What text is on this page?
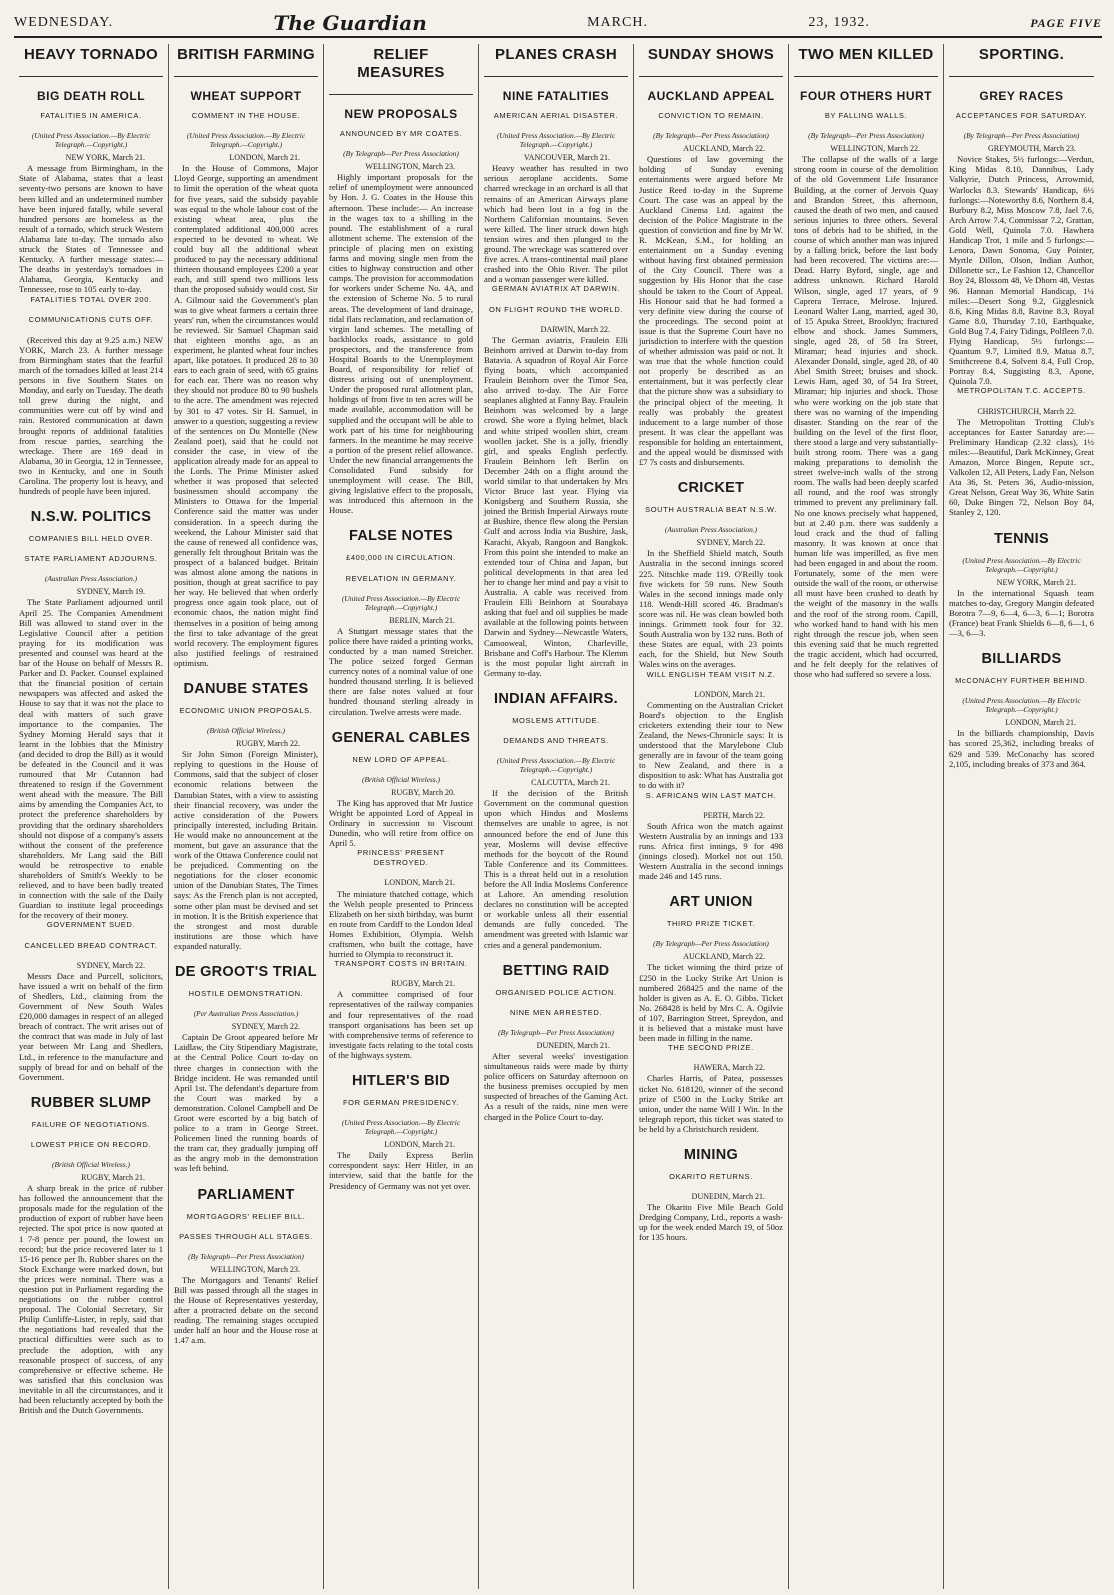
WEDNESDAY.	The Guardian	MARCH.	23, 1932.	PAGE FIVE
HEAVY TORNADO
BIG DEATH ROLL
FATALITIES IN AMERICA.
(United Press Association.—By Electric Telegraph.—Copyright.)
NEW YORK, March 21.

A message from Birmingham, in the State of Alabama, states that a least seventy-two persons are known to have been killed and an undetermined number have been injured fatally, while several hundred persons are homeless as the result of a tornado, which struck Western Alabama late to-day. The tornado also struck the States of Tennessee and Kentucky. A further message states:—The deaths in yesterday's tornadoes in Alabama, Georgia, Kentucky and Tennessee, rose to 105 early to-day.

FATALITIES TOTAL OVER 200.
COMMUNICATIONS CUTS OFF.

(Received this day at 9.25 a.m.) NEW YORK, March 23. A further message from Birmingham states that the fearful march of the tornadoes killed at least 214 persons in five Southern States on Monday, and early on Tuesday. The death toll grew during the night, and communities were cut off by wind and rain. Restored communication at dawn brought reports of additional fatalities from rescue parties, searching the wreckage. There are 169 dead in Alabama, 30 in Georgia, 12 in Tennessee, two in Kentucky, and one in South Carolina. The property lost is heavy, and hundreds of people have been injured.

N.S.W. POLITICS
COMPANIES BILL HELD OVER.
STATE PARLIAMENT ADJOURNS.
(Australian Press Association.)
SYDNEY, March 19.

The State Parliament adjourned until April 25. The Companies Amendment Bill was allowed to stand over in the Legislative Council after a petition praying for its modification was presented and counsel was heard at the bar of the House on behalf of Messrs R. Parker and D. Packer. Counsel explained that the financial position of certain newspapers was affected and asked the House to say that it was not the place to deal with matters of such grave importance to the companies. The Sydney Morning Herald says that it learnt in the lobbies that the Ministry (and decided to drop the Bill) as it would be defeated in the Council and it was rumoured that Mr Cutannon had threatened to resign if the Government went ahead with the measure. The Bill aims by amending the Companies Act, to protect the preference shareholders by providing that the ordinary shareholders should not dispose of a company's assets without the consent of the preference shareholders. Mr Lang said the Bill would be retrospective to enable shareholders of Smith's Weekly to be relieved, and to have been badly treated in connection with the sale of the Daily Guardian to institute legal proceedings for the recovery of their money.

GOVERNMENT SUED.
CANCELLED BREAD CONTRACT.
SYDNEY, March 22.

Messrs Dace and Purcell, solicitors, have issued a writ on behalf of the firm of Shedlers, Ltd., claiming from the Government of New South Wales £20,000 damages in respect of an alleged breach of contract. The writ arises out of the contract that was made in July of last year between Mr Lang and Shedlers, Ltd., in reference to the manufacture and supply of bread for and on behalf of the Government.

RUBBER SLUMP
FAILURE OF NEGOTIATIONS.
LOWEST PRICE ON RECORD.
(British Official Wireless.)
RUGBY, March 21.

A sharp break in the price of rubber has followed the announcement that the proposals made for the regulation of the production of export of rubber have been rejected. The spot price is now quoted at 1 7-8 pence per pound, the lowest on record; but the price recovered later to 1 15-16 pence per lb. Rubber shares on the Stock Exchange were marked down, but the prices were nominal. There was a question put in Parliament regarding the negotiations on the rubber control proposal. The Colonial Secretary, Sir Philip Cunliffe-Lister, in reply, said that the negotiations had revealed that the practical difficulties were such as to preclude the adoption, with any reasonable prospect of success, of any comprehensive or effective scheme. He was satisfied that this conclusion was inevitable in all the circumstances, and it had been reluctantly accepted by both the British and the Dutch Governments.

BRITISH FARMING
WHEAT SUPPORT
COMMENT IN THE HOUSE.
(United Press Association.—By Electric Telegraph.—Copyright.)
LONDON, March 21.

In the House of Commons, Major Lloyd George, supporting an amendment to limit the operation of the wheat quota for five years, said the subsidy payable was equal to the whole labour cost of the existing wheat area, plus the contemplated additional 400,000 acres expected to be devoted to wheat. We could buy all the additional wheat produced to pay the necessary additional thirteen thousand employees £200 a year each, and still spend two millions less than the proposed subsidy would cost. Sir A. Gilmour said the Government's plan was to give wheat farmers a certain three years' run, when the circumstances would be reviewed. Sir Samuel Chapman said that eighteen months ago, as an experiment, he planted wheat four inches apart, like potatoes. It produced 28 to 30 ears to each grain of seed, with 65 grains for each ear. There was no reason why they should not produce 80 to 90 bushels to the acre. The amendment was rejected by 301 to 47 votes. Sir H. Samuel, in answer to a question, suggesting a review of the sentences on Du Montelle (New Zealand poet), said that he could not consider the case, in view of the application already made for an appeal to the Lords. The Prime Minister asked whether it was proposed that selected businessmen should accompany the Ministers to Ottawa for the Imperial Conference said the matter was under consideration. In a speech during the weekend, the Labour Minister said that the cause of renewed all confidence was, generally felt throughout Britain was the prospect of a balanced budget. Britain was almost alone among the nations in position, though at great sacrifice to pay her way. He believed that when orderly progress once again took place, out of economic chaos, the nation might find themselves in a position of being among the first to take advantage of the great world recovery. The employment figures also justified feelings of restrained optimism.

DANUBE STATES
ECONOMIC UNION PROPOSALS.
(British Official Wireless.)
RUGBY, March 22.

Sir John Simon (Foreign Minister), replying to questions in the House of Commons, said that the subject of closer economic relations between the Danubian States, with a view to assisting their financial recovery, was under the active consideration of the Powers principally interested, including Britain. He would make no announcement at the moment, but gave an assurance that the work of the Ottawa Conference could not be prejudiced. Commenting on the negotiations for the closer economic union of the Danubian States, The Times says: As the French plan is not accepted, some other plan must be devised and set in motion. It is the British experience that the strongest and most durable institutions are those which have expanded naturally.

DE GROOT'S TRIAL
HOSTILE DEMONSTRATION.
(Per Australian Press Association.)
SYDNEY, March 22.

Captain De Groot appeared before Mr Laidlaw, the City Stipendiary Magistrate, at the Central Police Court to-day on three charges in connection with the Bridge incident. He was remanded until April 1st. The defendant's departure from the Court was marked by a demonstration. Colonel Campbell and De Groot were escorted by a big batch of police to a tram in George Street. Policemen lined the running boards of the tram car, they gradually jumping off as the angry mob in the demonstration was left behind.

PARLIAMENT
MORTGAGORS' RELIEF BILL.
PASSES THROUGH ALL STAGES.
(By Telegraph—Per Press Association)
WELLINGTON, March 23.

The Mortgagors and Tenants' Relief Bill was passed through all the stages in the House of Representatives yesterday, after a protracted debate on the second reading. The remaining stages occupied under half an hour and the House rose at 1.47 a.m.

RELIEF MEASURES
NEW PROPOSALS
ANNOUNCED BY MR COATES.
(By Telegraph—Per Press Association)
WELLINGTON, March 23.

Highly important proposals for the relief of unemployment were announced by Hon. J. G. Coates in the House this afternoon. These include:— An increase in the wages tax to a shilling in the pound. The establishment of a rural allotment scheme. The extension of the principle of placing men on existing farms and moving single men from the cities to highway construction and other camps. The provision for accommodation for workers under Scheme No. 4A, and the extension of Scheme No. 5 to rural areas. The development of land drainage, tidal flats reclamation, and reclamation of virgin land schemes. The metalling of backblocks roads, assistance to gold prospectors, and the transference from Hospital Boards to the Unemployment Board, of responsibility for relief of distress arising out of unemployment. Under the proposed rural allotment plan, holdings of from five to ten acres will be made available, accommodation will be supplied and the occupant will be able to work part of his time for neighbouring farmers. In the meantime he may receive a portion of the present relief allowance. Under the new financial arrangements the Consolidated Fund subsidy for unemployment will cease. The Bill, giving legislative effect to the proposals, was introduced this afternoon in the House.

FALSE NOTES
£400,000 IN CIRCULATION.
REVELATION IN GERMANY.
(United Press Association.—By Electric Telegraph.—Copyright.)
BERLIN, March 21.

A Stuttgart message states that the police there have raided a printing works, conducted by a man named Streicher. The police seized forged German currency notes of a nominal value of one hundred thousand sterling. It is believed there are false notes valued at four hundred thousand sterling already in circulation. Twelve arrests were made.

GENERAL CABLES
NEW LORD OF APPEAL.
(British Official Wireless.)
RUGBY, March 20.

The King has approved that Mr Justice Wright be appointed Lord of Appeal in Ordinary in succession to Viscount Dunedin, who will retire from office on April 5.

PRINCESS' PRESENT DESTROYED.
LONDON, March 21.

The miniature thatched cottage, which the Welsh people presented to Princess Elizabeth on her sixth birthday, was burnt en route from Cardiff to the London Ideal Homes Exhibition, Olympia. Welsh craftsmen, who built the cottage, have hurried to Olympia to reconstruct it.

TRANSPORT COSTS IN BRITAIN.
RUGBY, March 21.

A committee comprised of four representatives of the railway companies and four representatives of the road transport organisations has been set up with comprehensive terms of reference to investigate facts relating to the total costs of the highways system.

HITLER'S BID
FOR GERMAN PRESIDENCY.
(United Press Association.—By Electric Telegraph.—Copyright.)
LONDON, March 21.

The Daily Express Berlin correspondent says: Herr Hitler, in an interview, said that the battle for the Presidency of Germany was not yet over.

PLANES CRASH
NINE FATALITIES
AMERICAN AERIAL DISASTER.
(United Press Association.—By Electric Telegraph.—Copyright.)
VANCOUVER, March 21.

Heavy weather has resulted in two serious aeroplane accidents. Some charred wreckage in an orchard is all that remains of an American Airways plane which had been lost in a fog in the Northern Californian mountains. Seven were killed. The liner struck down high tension wires and then plunged to the ground. The wreckage was scattered over five acres. A trans-continental mail plane crashed into the Ohio River. The pilot and a woman passenger were killed.

GERMAN AVIATRIX AT DARWIN.
ON FLIGHT ROUND THE WORLD.
DARWIN, March 22.

The German aviatrix, Fraulein Elli Beinhorn arrived at Darwin to-day from Batavia. A squadron of Royal Air Force flying boats, which accompanied Fraulein Beinhorn over the Timor Sea, also arrived to-day. The Air Force seaplanes alighted at Fanny Bay. Fraulein Beinhorn was welcomed by a large crowd. She wore a flying helmet, black and white striped woollen shirt, cream woollen jacket. She is a jolly, friendly girl, and speaks English perfectly. Fraulein Beinhorn left Berlin on December 24th on a flight around the world similar to that undertaken by Mrs Victor Bruce last year. Flying via Konigsberg and Southern Russia, she joined the British Imperial Airways route at Bushire, thence flew along the Persian Gulf and across India via Bushire, Jask, Karachi, Akyab, Rangoon and Bangkok. From this point she intended to make an extended tour of China and Japan, but political developments in that area led her to change her mind and pay a visit to Australia. A cable was received from Fraulein Elli Beinhorn at Sourabaya asking that fuel and oil supplies be made available at the following points between Darwin and Sydney—Newcastle Waters, Camooweal, Winton, Charleville, Brisbane and Coff's Harbour. The Klemm is the most popular light aircraft in Germany to-day.

INDIAN AFFAIRS.
MOSLEMS ATTITUDE.
DEMANDS AND THREATS.
(United Press Association.—By Electric Telegraph.—Copyright.)
CALCUTTA, March 21.

If the decision of the British Government on the communal question upon which Hindus and Moslems themselves are unable to agree, is not announced before the end of June this year, Moslems will devise effective methods for the boycott of the Round Table Conference and its Committees. This is a threat held out in a resolution before the All India Moslems Conference at Lahore. An amending resolution declares no constitution will be accepted or workable unless all their essential demands are fully conceded. The amendment was greeted with Islamic war cries and a general pandemonium.

BETTING RAID
ORGANISED POLICE ACTION.
NINE MEN ARRESTED.
(By Telegraph—Per Press Association)
DUNEDIN, March 21.

After several weeks' investigation simultaneous raids were made by thirty police officers on Saturday afternoon on the business premises occupied by men suspected of breaches of the Gaming Act. As a result of the raids, nine men were charged in the Police Court to-day.

SUNDAY SHOWS
AUCKLAND APPEAL
CONVICTION TO REMAIN.
(By Telegraph—Per Press Association)
AUCKLAND, March 22.

Questions of law governing the holding of Sunday evening entertainments were argued before Mr Justice Reed to-day in the Supreme Court. The case was an appeal by the Auckland Cinema Ltd. against the decision of the Police Magistrate in the question of conviction and fine by Mr W. R. McKean, S.M., for holding an entertainment on a Sunday evening without having first obtained permission of the City Council. There was a suggestion by His Honor that the case should be taken to the Court of Appeal. His Honour said that he had formed a very definite view during the course of the proceedings. The second point at issue is that the Supreme Court have no jurisdiction to interfere with the question of whether admission was paid or not. It was true that the whole function could not properly be described as an entertainment, but it was perfectly clear that the picture show was a subsidiary to the principal object of the meeting. It really was probably the greatest inducement to a large number of those present. It was clear the appellant was responsible for holding an entertainment, and the appeal would be dismissed with £7 7s costs and disbursements.

CRICKET
SOUTH AUSTRALIA BEAT N.S.W.
(Australian Press Association.)
SYDNEY, March 22.

In the Sheffield Shield match, South Australia in the second innings scored 225. Nitschke made 119. O'Reilly took five wickets for 59 runs. New South Wales in the second innings made only 118. Wendt-Hill scored 46. Bradman's score was nil. He was clean bowled both innings. Grimmett took four for 32. South Australia won by 132 runs. Both of these States are equal, with 23 points each, for the Shield, but New South Wales wins on the averages.

WILL ENGLISH TEAM VISIT N.Z.
LONDON, March 21.

Commenting on the Australian Cricket Board's objection to the English cricketers extending their tour to New Zealand, the News-Chronicle says: It is understood that the Marylebone Club generally are in favour of the team going to New Zealand, and there is a disposition to ask: What has Australia got to do with it?

S. AFRICANS WIN LAST MATCH.
PERTH, March 22.

South Africa won the match against Western Australia by an innings and 133 runs. Africa first innings, 9 for 498 (innings closed). Morkel not out 150. Western Australia in the second innings made 246 and 145 runs.

ART UNION
THIRD PRIZE TICKET.
(By Telegraph—Per Press Association)
AUCKLAND, March 22.

The ticket winning the third prize of £250 in the Lucky Strike Art Union is numbered 268425 and the name of the holder is given as A. E. O. Gibbs. Ticket No. 268428 is held by Mrs C. A. Ogilvie of 107, Barrington Street, Spreydon, and it is believed that a mistake must have been made in filling in the name.

THE SECOND PRIZE.
HAWERA, March 22.

Charles Harris, of Patea, possesses ticket No. 618120, winner of the second prize of £500 in the Lucky Strike art union, under the name Will I Win. In the telegraph report, this ticket was stated to be held by a Christchurch resident.

MINING
OKARITO RETURNS.
DUNEDIN, March 21.

The Okarito Five Mile Beach Gold Dredging Company, Ltd., reports a wash-up for the week ended March 19, of 50oz for 135 hours.

TWO MEN KILLED
FOUR OTHERS HURT
BY FALLING WALLS.
(By Telegraph—Per Press Association)
WELLINGTON, March 22.

The collapse of the walls of a large strong room in course of the demolition of the old Government Life Insurance Building, at the corner of Jervois Quay and Brandon Street, this afternoon, caused the death of two men, and caused serious injuries to three others. Several tons of debris had to be shifted, in the course of which another man was injured by a falling brick, before the last body had been recovered. The victims are:— Dead. Harry Byford, single, age and address unknown. Richard Harold Wilson, single, aged 17 years, of 9 Caprera Terrace, Melrose. Injured. Leonard Walter Lang, married, aged 30, of 15 Apuka Street, Brooklyn; fractured elbow and shock. James Summers, single, aged 28, of 58 Ira Street, Miramar; head injuries and shock. Alexander Donald, single, aged 28, of 40 Abel Smith Street; bruises and shock. Lewis Ham, aged 30, of 54 Ira Street, Miramar; hip injuries and shock. Those who were working on the job state that there was no warning of the impending disaster. Standing on the rear of the building on the level of the first floor, there stood a large and very substantially-built strong room. There was a gang making preparations to demolish the street twelve-inch walls of the strong room. The walls had been deeply scarfed all round, and the roof was strongly trimmed to prevent any preliminary fall. No one knows precisely what happened, but at 2.40 p.m. there was suddenly a loud crack and the thud of falling masonry. It was known at once that human life was imperilled, as five men had been engaged in and about the room. Fortunately, some of the men were outside the wall of the room, or otherwise all must have been crushed to death by the weight of the masonry in the walls and the roof of the strong room. Capill, who worked hand to hand with his men right through the rescue job, when seen this evening said that he much regretted the tragic accident, which had occurred, and he felt deeply for the relatives of those who had suffered so severe a loss.

SPORTING.
GREY RACES
ACCEPTANCES FOR SATURDAY.
(By Telegraph—Per Press Association)
GREYMOUTH, March 23.

Novice Stakes, 5½ furlongs:—Verdun, King Midas 8.10, Dannibus, Lady Valkyrie, Dutch Princess, Arrowmid, Warlocks 8.3. Stewards' Handicap, 6½ furlongs:—Noteworthy 8.6, Northern 8.4, Burbury 8.2, Miss Moscow 7.8, Jael 7.6, Arch Arrow 7.4, Commissar 7.2, Grattan, Gold Well, Quinola 7.0. Hawhera Handicap Trot, 1 mile and 5 furlongs:—Lenora, Dawn Sonoma, Guy Pointer, Myrtle Dillon, Olson, Indian Author, Dillonette scr., Le Fashion 12, Chancellor Boy 24, Blossom 48, Ve Dhorn 48, Vestas 96. Hannan Memorial Handicap, 1¼ miles:—Desert Song 9.2, Gigglesnick 8.6, King Midas 8.8, Ravine 8.3, Royal Game 8.0, Thursday 7.10, Earthquake, Gold Bug 7.4, Fairy Tidings, Polfleen 7.0. Flying Handicap, 5½ furlongs:—Quantum 9.7, Limited 8.9, Matua 8.7, Smithcreene 8.4, Solvent 8.4, Full Crop, Portray 8.4, Suggisting 8.3, Apone, Quinola 7.0.

METROPOLITAN T.C. ACCEPTS.
CHRISTCHURCH, March 22.

The Metropolitan Trotting Club's acceptances for Easter Saturday are:— Preliminary Handicap (2.32 class), 1½ miles:—Beautiful, Dark McKinney, Great Amazon, Morce Bingen, Repute scr., Valkolen 12, All Peters, Lady Fan, Nelson Ata 36, St. Peters 36, Audio-mission, Great Nelson, Great Way 36, White Satin 60, Duke Bingen 72, Nelson Boy 84, Stanley 2, 120.

TENNIS
(United Press Association.—By Electric Telegraph.—Copyright.)
NEW YORK, March 21.

In the international Squash team matches to-day, Gregory Mangin defeated Borotra 7—9, 6—4, 6—3, 6—1; Borotra (France) beat Frank Shields 6—8, 6—1, 6—3, 6—3.

BILLIARDS
McCONACHY FURTHER BEHIND.
(United Press Association.—By Electric Telegraph.—Copyright.)
LONDON, March 21.

In the billiards championship, Davis has scored 25,362, including breaks of 629 and 539. McConachy has scored 2,105, including breaks of 373 and 364.
